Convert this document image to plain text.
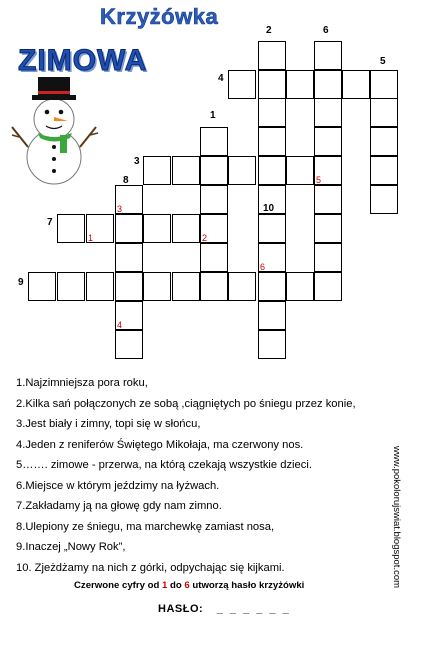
Krzyżówka
ZIMOWA
1
2
3
4
5
6
7
8
9
10
1	2
3
4
5
6
1.Najzimniejsza pora roku,
2.Kilka sań połączonych ze sobą ,ciągniętych po śniegu przez konie,
3.Jest biały i zimny, topi się w słońcu,
4.Jeden z reniferów Świętego Mikołaja, ma czerwony nos.
5……. zimowe - przerwa, na którą czekają wszystkie dzieci.
6.Miejsce w którym jeździmy na łyżwach.
7.Zakładamy ją na głowę gdy nam zimno.
8.Ulepiony ze śniegu, ma marchewkę zamiast nosa,
9.Inaczej „Nowy Rok”,
10. Zjeżdżamy na nich z górki, odpychając się kijkami.
Czerwone cyfry od 1 do 6 utworzą hasło krzyżówki
HASŁO: _ _ _ _ _ _
www.pokolorujswiat.blogspot.com
